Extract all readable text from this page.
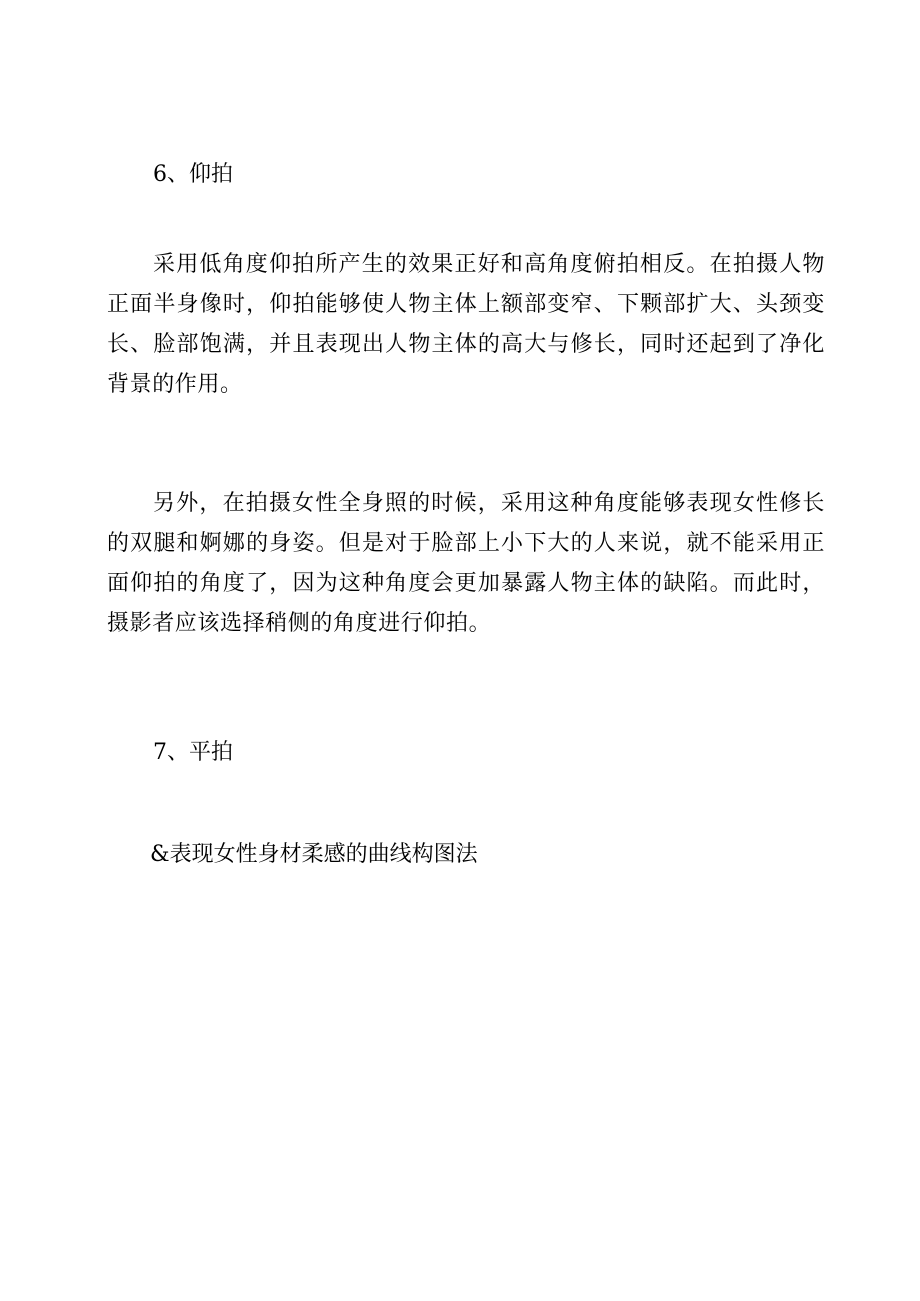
6、仰拍
采用低角度仰拍所产生的效果正好和高角度俯拍相反。在拍摄人物正面半身像时，仰拍能够使人物主体上额部变窄、下颗部扩大、头颈变长、脸部饱满，并且表现出人物主体的高大与修长，同时还起到了净化背景的作用。
另外，在拍摄女性全身照的时候，采用这种角度能够表现女性修长的双腿和婀娜的身姿。但是对于脸部上小下大的人来说，就不能采用正面仰拍的角度了，因为这种角度会更加暴露人物主体的缺陷。而此时，摄影者应该选择稍侧的角度进行仰拍。
7、平拍
&表现女性身材柔感的曲线构图法
